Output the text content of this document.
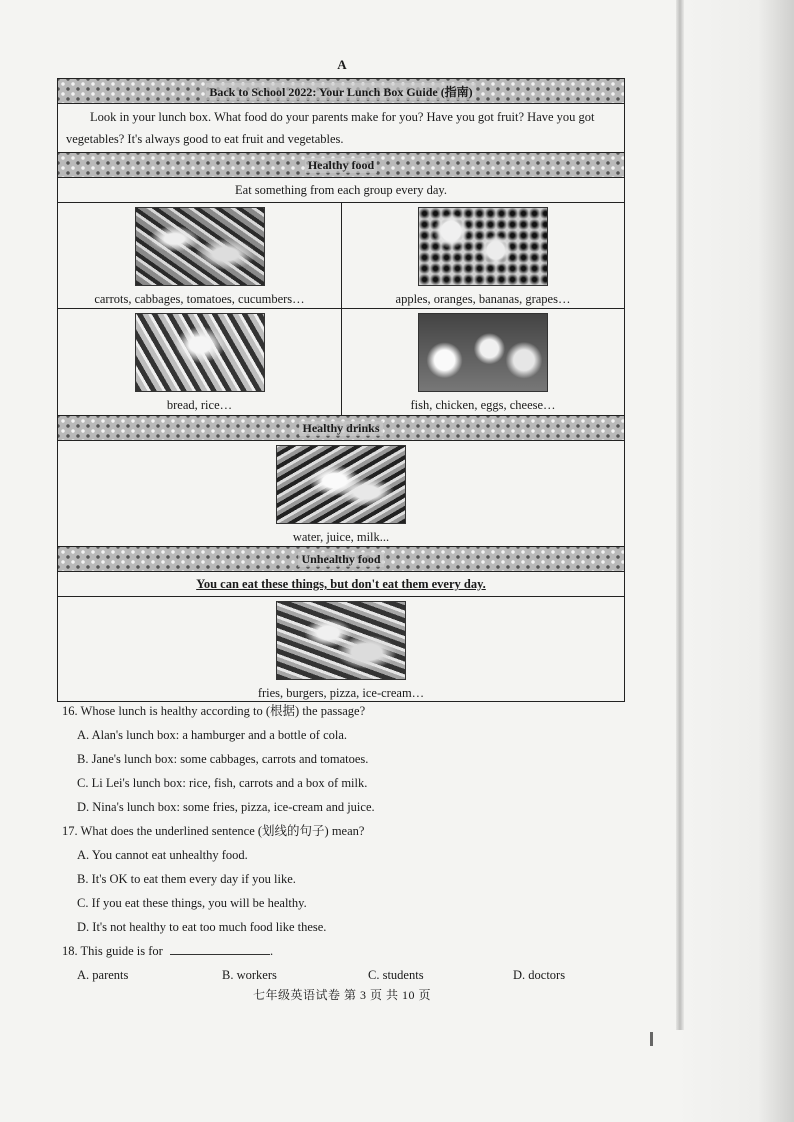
A
Back to School 2022: Your Lunch Box Guide (指南)
Look in your lunch box. What food do your parents make for you? Have you got fruit? Have you got vegetables? It's always good to eat fruit and vegetables.
Healthy food
Eat something from each group every day.
carrots, cabbages, tomatoes, cucumbers…	apples, oranges, bananas, grapes…
bread, rice…	fish, chicken, eggs, cheese…
Healthy drinks
water, juice, milk...
Unhealthy food
You can eat these things, but don't eat them every day.
fries, burgers, pizza, ice-cream…

16. Whose lunch is healthy according to (根据) the passage?

A. Alan's lunch box: a hamburger and a bottle of cola.

B. Jane's lunch box: some cabbages, carrots and tomatoes.

C. Li Lei's lunch box: rice, fish, carrots and a box of milk.

D. Nina's lunch box: some fries, pizza, ice-cream and juice.

17. What does the underlined sentence (划线的句子) mean?

A. You cannot eat unhealthy food.

B. It's OK to eat them every day if you like.

C. If you eat these things, you will be healthy.

D. It's not healthy to eat too much food like these.

18. This guide is for	.

A. parents	B. workers	C. students	D. doctors
七年级英语试卷 第 3 页 共 10 页
